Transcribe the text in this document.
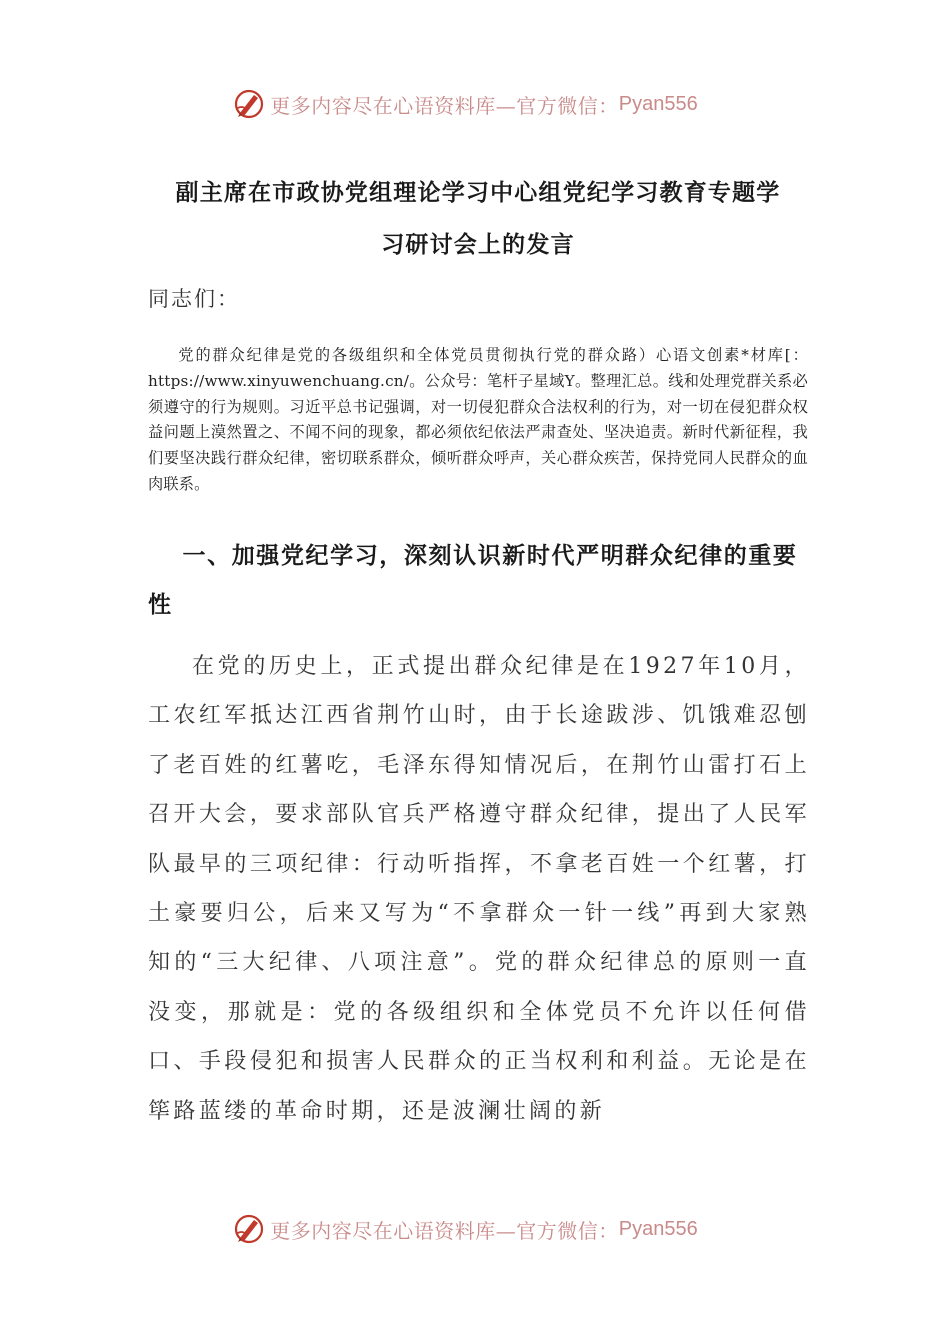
更多内容尽在心语资料库—官方微信： Pyan556
副主席在市政协党组理论学习中心组党纪学习教育专题学
习研讨会上的发言
同志们：
党的群众纪律是党的各级组织和全体党员贯彻执行党的群众路）心语文创素*材库[：https://www.xinyuwenchuang.cn/。公众号：笔杆子星域Y。整理汇总。线和处理党群关系必须遵守的行为规则。习近平总书记强调，对一切侵犯群众合法权利的行为，对一切在侵犯群众权益问题上漠然置之、不闻不问的现象，都必须依纪依法严肃查处、坚决追责。新时代新征程，我们要坚决践行群众纪律，密切联系群众，倾听群众呼声，关心群众疾苦，保持党同人民群众的血肉联系。
一、加强党纪学习，深刻认识新时代严明群众纪律的重要性
在党的历史上，正式提出群众纪律是在1927年10月，工农红军抵达江西省荆竹山时，由于长途跋涉、饥饿难忍刨了老百姓的红薯吃，毛泽东得知情况后，在荆竹山雷打石上召开大会，要求部队官兵严格遵守群众纪律，提出了人民军队最早的三项纪律：行动听指挥，不拿老百姓一个红薯，打土豪要归公，后来又写为“不拿群众一针一线”再到大家熟知的“三大纪律、八项注意”。党的群众纪律总的原则一直没变，那就是：党的各级组织和全体党员不允许以任何借口、手段侵犯和损害人民群众的正当权利和利益。无论是在筚路蓝缕的革命时期，还是波澜壮阔的新
更多内容尽在心语资料库—官方微信： Pyan556
